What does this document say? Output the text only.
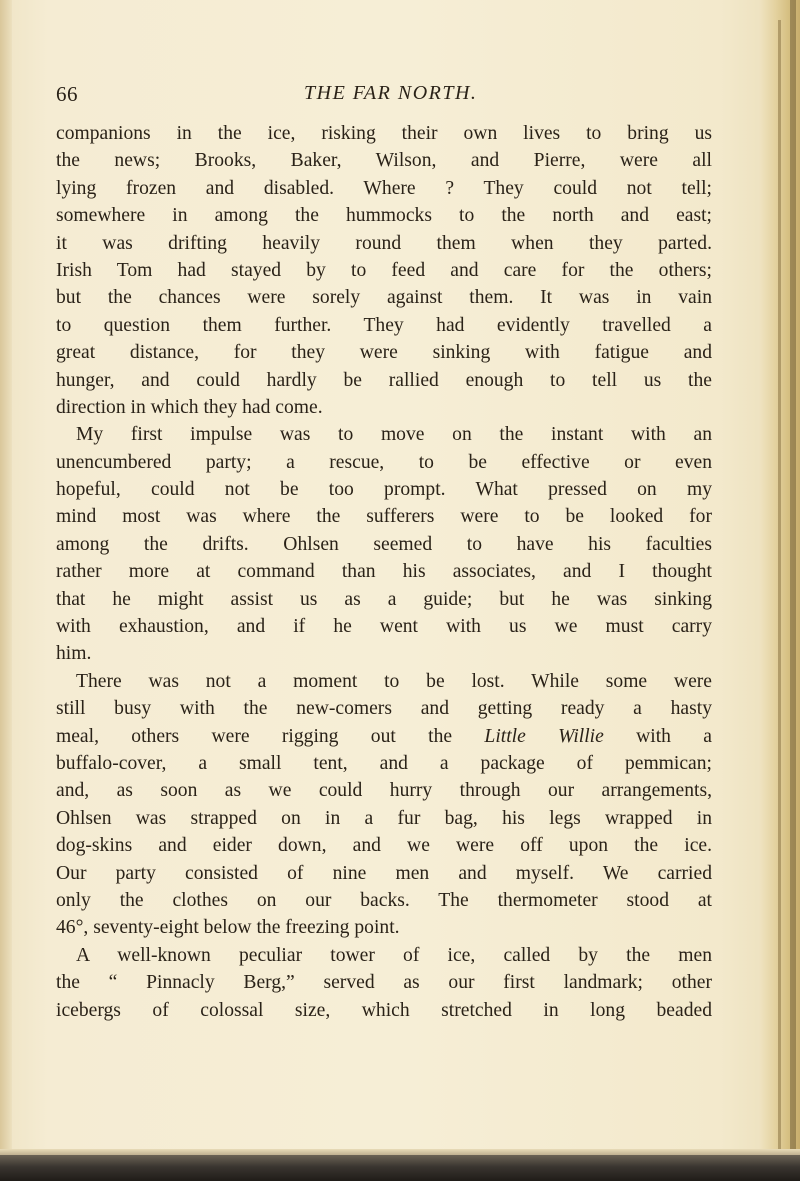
66	THE FAR NORTH.
companions in the ice, risking their own lives to bring us
the news; Brooks, Baker, Wilson, and Pierre, were all
lying frozen and disabled. Where ? They could not tell;
somewhere in among the hummocks to the north and east;
it was drifting heavily round them when they parted.
Irish Tom had stayed by to feed and care for the others;
but the chances were sorely against them. It was in vain
to question them further. They had evidently travelled a
great distance, for they were sinking with fatigue and
hunger, and could hardly be rallied enough to tell us the
direction in which they had come.
My first impulse was to move on the instant with an
unencumbered party; a rescue, to be effective or even
hopeful, could not be too prompt. What pressed on my
mind most was where the sufferers were to be looked for
among the drifts. Ohlsen seemed to have his faculties
rather more at command than his associates, and I thought
that he might assist us as a guide; but he was sinking
with exhaustion, and if he went with us we must carry
him.
There was not a moment to be lost. While some were
still busy with the new-comers and getting ready a hasty
meal, others were rigging out the Little Willie with a
buffalo-cover, a small tent, and a package of pemmican;
and, as soon as we could hurry through our arrangements,
Ohlsen was strapped on in a fur bag, his legs wrapped in
dog-skins and eider down, and we were off upon the ice.
Our party consisted of nine men and myself. We carried
only the clothes on our backs. The thermometer stood at
46°, seventy-eight below the freezing point.
A well-known peculiar tower of ice, called by the men
the “ Pinnacly Berg,” served as our first landmark; other
icebergs of colossal size, which stretched in long beaded
